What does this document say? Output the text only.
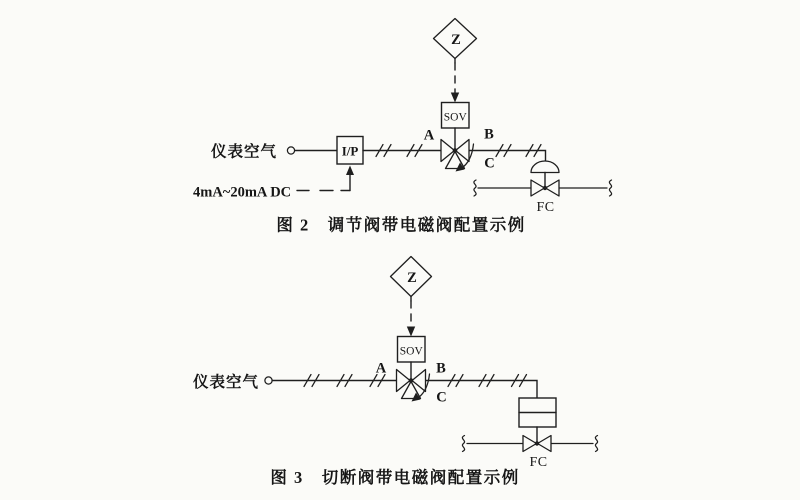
Z
SOV
仪表空气	I/P
A	B
C
FC
4mA~20mA DC
图 2　调节阀带电磁阀配置示例
Z
SOV
仪表空气
A	B
C
FC
图 3　切断阀带电磁阀配置示例
